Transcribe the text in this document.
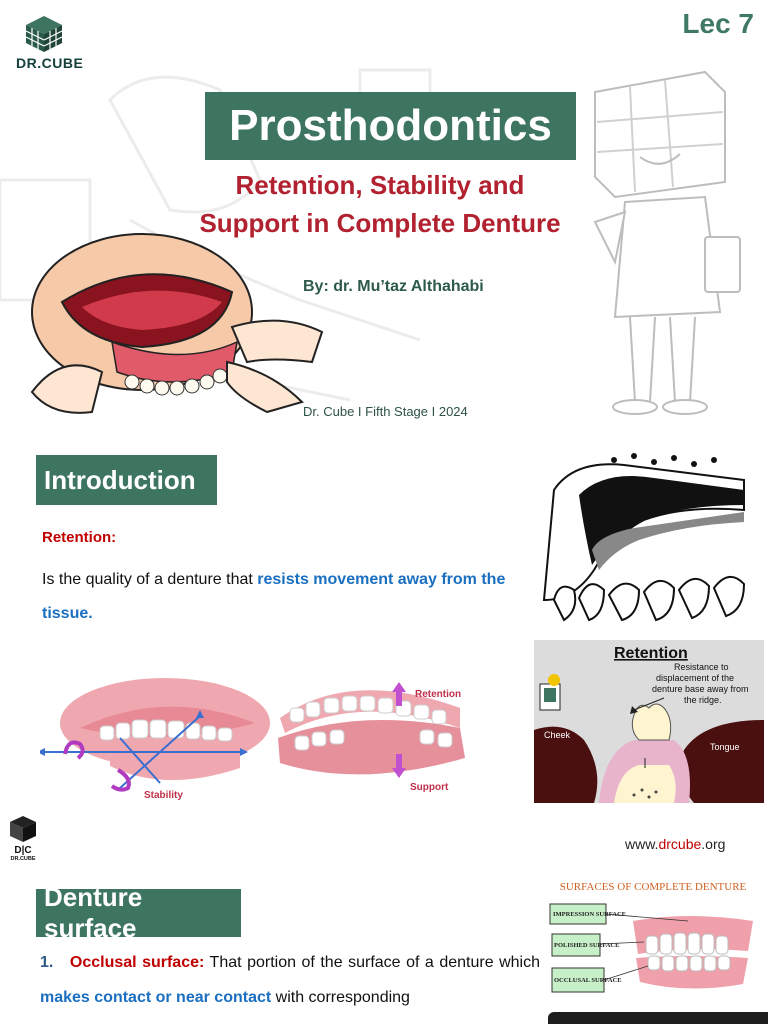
DR.CUBE
Lec 7
Prosthodontics
Retention, Stability and
Support in Complete Denture
By: dr. Mu’taz Althahabi
Dr. Cube I Fifth Stage I 2024
Introduction
Retention:
Is the quality of a denture that resists movement away from the tissue.
Retention
Resistance to displacement of the denture base away from the ridge.
Cheek
Tongue
Stability
Retention
Support
D|C
DR.CUBE
www.drcube.org
Denture surface
1. Occlusal surface: That portion of the surface of a denture which makes contact or near contact with corresponding
SURFACES OF COMPLETE DENTURE
IMPRESSION SURFACE POLISHED SURFACE OCCLUSAL SURFACE
